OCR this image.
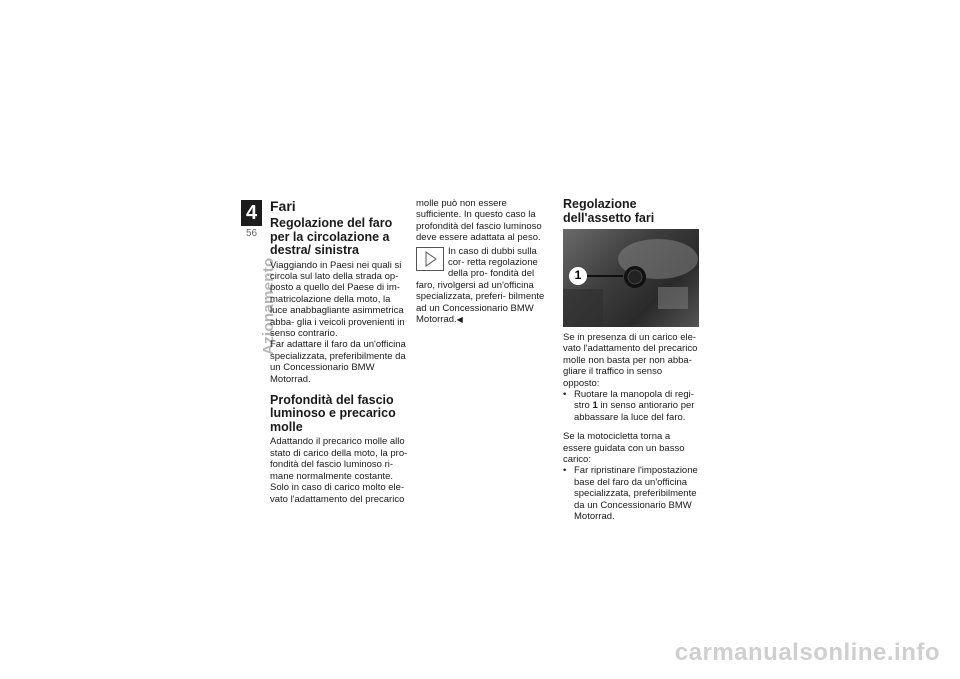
4
56
Azionamento
Fari
Regolazione del faro per la circolazione a destra/ sinistra

Viaggiando in Paesi nei quali si circola sul lato della strada op- posto a quello del Paese di im- matricolazione della moto, la luce anabbagliante asimmetrica abba- glia i veicoli provenienti in senso contrario.

Far adattare il faro da un'officina specializzata, preferibilmente da un Concessionario BMW Motorrad.

Profondità del fascio luminoso e precarico molle

Adattando il precarico molle allo stato di carico della moto, la pro- fondità del fascio luminoso ri- mane normalmente costante.

Solo in caso di carico molto ele- vato l'adattamento del precarico

molle può non essere sufficiente. In questo caso la profondità del fascio luminoso deve essere adattata al peso.

In caso di dubbi sulla cor- retta regolazione della pro- fondità del faro, rivolgersi ad un'officina specializzata, preferi- bilmente ad un Concessionario BMW Motorrad.◀
Regolazione dell'assetto fari
1

Se in presenza di un carico ele- vato l'adattamento del precarico molle non basta per non abba- gliare il traffico in senso opposto:

• Ruotare la manopola di regi- stro 1 in senso antiorario per abbassare la luce del faro.

Se la motocicletta torna a essere guidata con un basso carico:

• Far ripristinare l'impostazione base del faro da un'officina specializzata, preferibilmente da un Concessionario BMW Motorrad.
carmanualsonline.info
